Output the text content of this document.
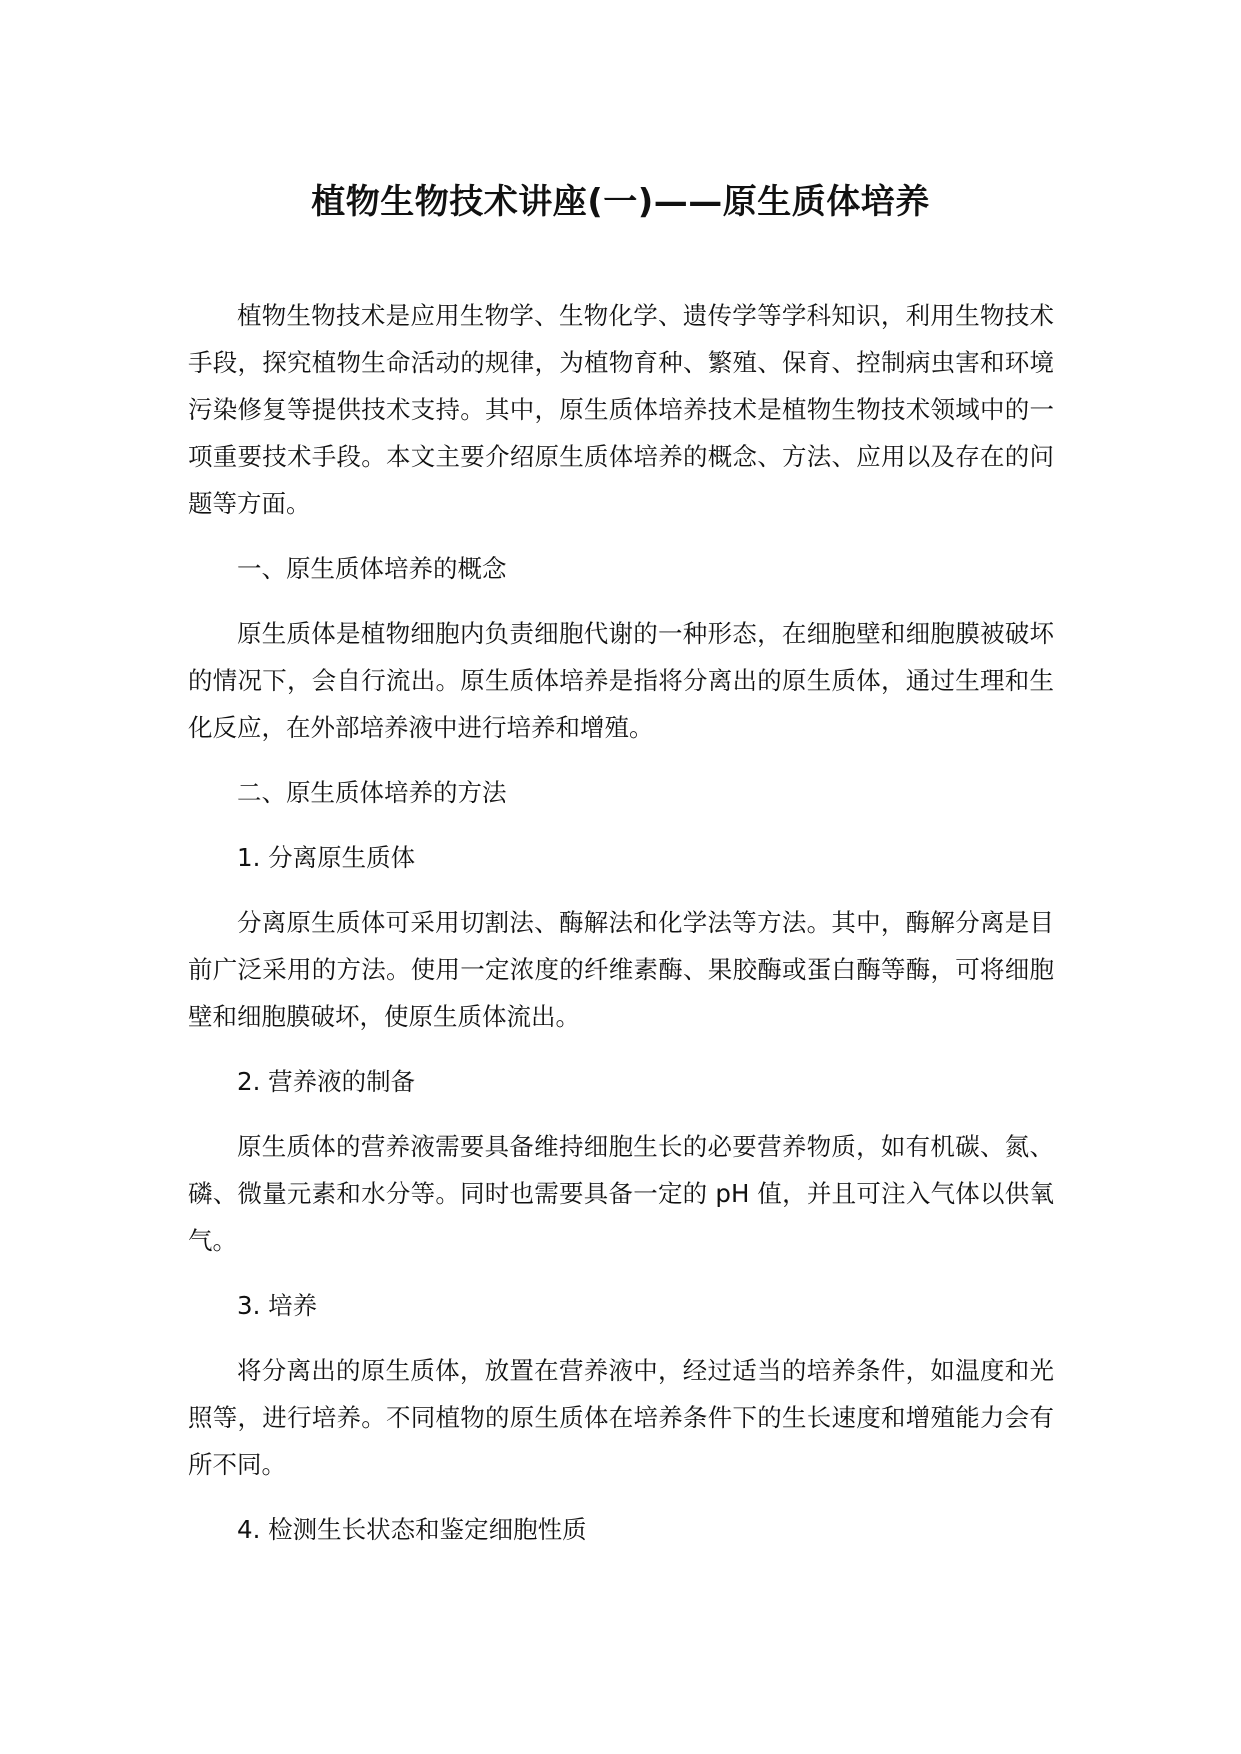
植物生物技术讲座(一)——原生质体培养

植物生物技术是应用生物学、生物化学、遗传学等学科知识，利用生物技术手段，探究植物生命活动的规律，为植物育种、繁殖、保育、控制病虫害和环境污染修复等提供技术支持。其中，原生质体培养技术是植物生物技术领域中的一项重要技术手段。本文主要介绍原生质体培养的概念、方法、应用以及存在的问题等方面。

一、原生质体培养的概念

原生质体是植物细胞内负责细胞代谢的一种形态，在细胞壁和细胞膜被破坏的情况下，会自行流出。原生质体培养是指将分离出的原生质体，通过生理和生化反应，在外部培养液中进行培养和增殖。

二、原生质体培养的方法

1. 分离原生质体

分离原生质体可采用切割法、酶解法和化学法等方法。其中，酶解分离是目前广泛采用的方法。使用一定浓度的纤维素酶、果胶酶或蛋白酶等酶，可将细胞壁和细胞膜破坏，使原生质体流出。

2. 营养液的制备

原生质体的营养液需要具备维持细胞生长的必要营养物质，如有机碳、氮、磷、微量元素和水分等。同时也需要具备一定的 pH 值，并且可注入气体以供氧气。

3. 培养

将分离出的原生质体，放置在营养液中，经过适当的培养条件，如温度和光照等，进行培养。不同植物的原生质体在培养条件下的生长速度和增殖能力会有所不同。

4. 检测生长状态和鉴定细胞性质
